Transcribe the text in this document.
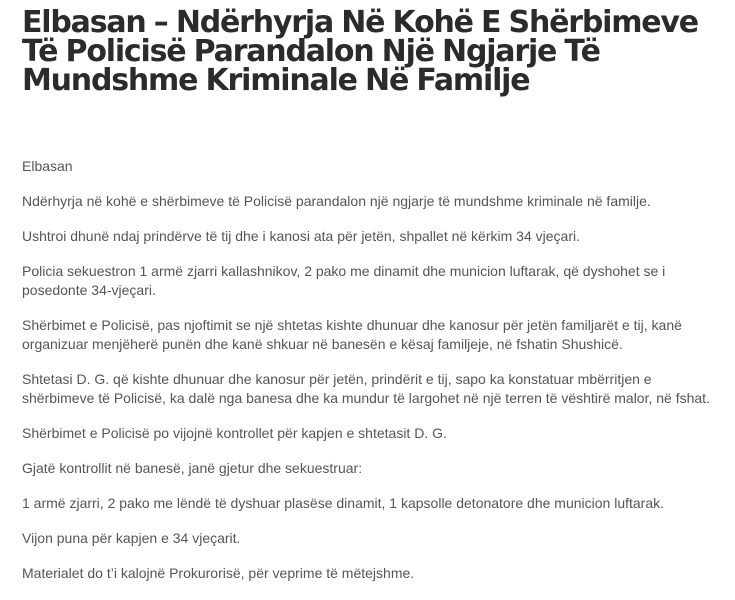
Elbasan – Ndërhyrja Në Kohë E Shërbimeve Të Policisë Parandalon Një Ngjarje Të Mundshme Kriminale Në Familje

Elbasan

Ndërhyrja në kohë e shërbimeve të Policisë parandalon një ngjarje të mundshme kriminale në familje.

Ushtroi dhunë ndaj prindërve të tij dhe i kanosi ata për jetën, shpallet në kërkim 34 vjeçari.

Policia sekuestron 1 armë zjarri kallashnikov, 2 pako me dinamit dhe municion luftarak, që dyshohet se i posedonte 34-vjeçari.

Shërbimet e Policisë, pas njoftimit se një shtetas kishte dhunuar dhe kanosur për jetën familjarët e tij, kanë organizuar menjëherë punën dhe kanë shkuar në banesën e kësaj familjeje, në fshatin Shushicë.

Shtetasi D. G. që kishte dhunuar dhe kanosur për jetën, prindërit e tij, sapo ka konstatuar mbërritjen e shërbimeve të Policisë, ka dalë nga banesa dhe ka mundur të largohet në një terren të vështirë malor, në fshat.

Shërbimet e Policisë po vijojnë kontrollet për kapjen e shtetasit D. G.

Gjatë kontrollit në banesë, janë gjetur dhe sekuestruar:

1 armë zjarri, 2 pako me lëndë të dyshuar plasëse dinamit, 1 kapsolle detonatore dhe municion luftarak.

Vijon puna për kapjen e 34 vjeçarit.

Materialet do t’i kalojnë Prokurorisë, për veprime të mëtejshme.
